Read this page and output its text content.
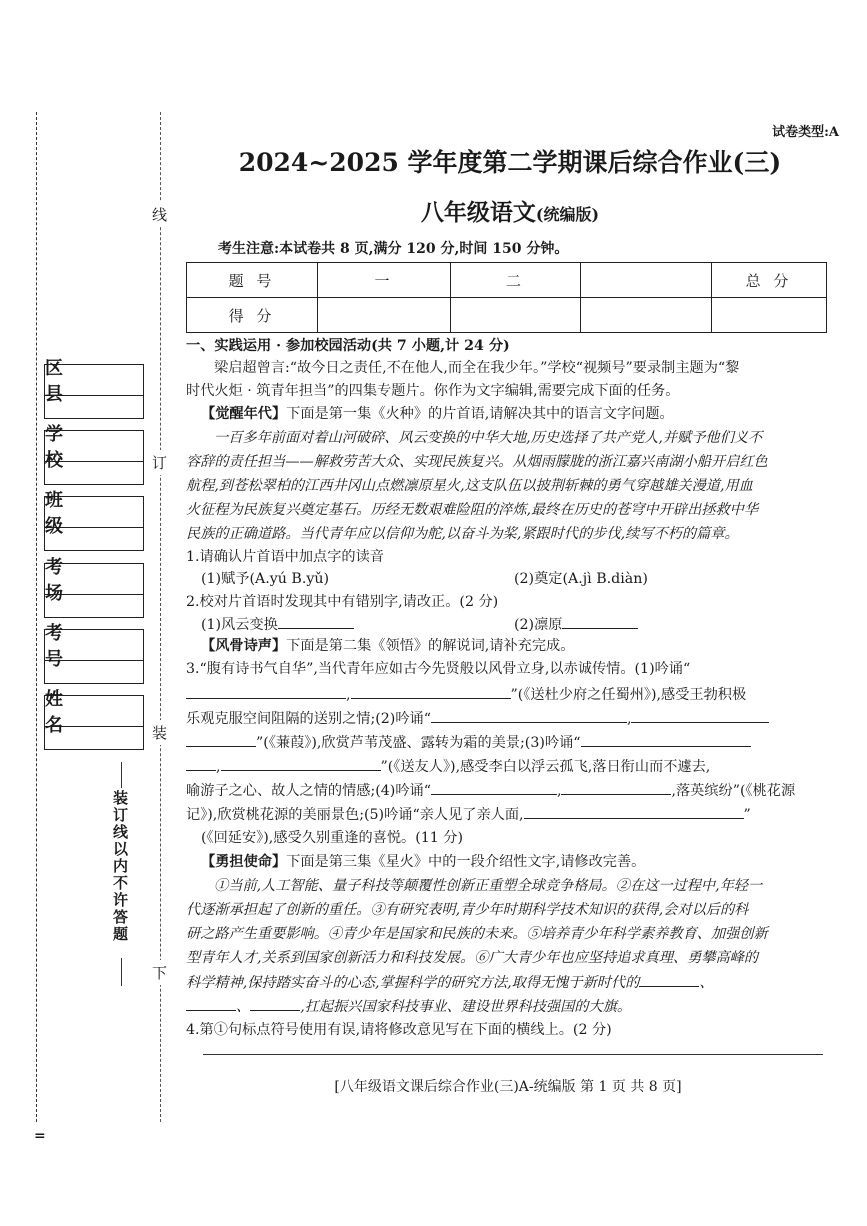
线
订
装
下
区 县
学 校
班 级
考 场
考 号
姓 名
装订线以内不许答题
=
试卷类型:A
2024~2025 学年度第二学期课后综合作业(三)
八年级语文(统编版)
考生注意:本试卷共 8 页,满分 120 分,时间 150 分钟。
题 号	一	二		总 分
得 分				
一、实践运用 · 参加校园活动(共 7 小题,计 24 分)
梁启超曾言:“故今日之责任,不在他人,而全在我少年。”学校“视频号”要录制主题为“黎
时代火炬 · 筑青年担当”的四集专题片。你作为文字编辑,需要完成下面的任务。
【觉醒年代】下面是第一集《火种》的片首语,请解决其中的语言文字问题。
一百多年前面对着山河破碎、风云变换的中华大地,历史选择了共产党人,并赋予他们义不
容辞的责任担当——解救劳苦大众、实现民族复兴。从烟雨朦胧的浙江嘉兴南湖小船开启红色
航程,到苍松翠柏的江西井冈山点燃凛原星火,这支队伍以披荆斩棘的勇气穿越雄关漫道,用血
火征程为民族复兴奠定基石。历经无数艰难险阻的淬炼,最终在历史的苍穹中开辟出拯救中华
民族的正确道路。当代青年应以信仰为舵,以奋斗为桨,紧跟时代的步伐,续写不朽的篇章。
1.请确认片首语中加点字的读音
(1)赋予(A.yú B.yǔ)	(2)奠定(A.jì B.diàn)
2.校对片首语时发现其中有错别字,请改正。(2 分)
(1)风云变换	(2)凛原
【风骨诗声】下面是第二集《领悟》的解说词,请补充完成。
3.“腹有诗书气自华”,当代青年应如古今先贤般以风骨立身,以赤诚传情。(1)吟诵“
,	”(《送杜少府之任蜀州》),感受王勃积极
乐观克服空间阻隔的送别之情;(2)吟诵“	,
”(《蒹葭》),欣赏芦苇茂盛、露转为霜的美景;(3)吟诵“
,	”(《送友人》),感受李白以浮云孤飞,落日衔山而不遽去,
喻游子之心、故人之情的情感;(4)吟诵“	,	,落英缤纷”(《桃花源
记》),欣赏桃花源的美丽景色;(5)吟诵“亲人见了亲人面,	”
(《回延安》),感受久别重逢的喜悦。(11 分)
【勇担使命】下面是第三集《星火》中的一段介绍性文字,请修改完善。
①当前,人工智能、量子科技等颠覆性创新正重塑全球竞争格局。②在这一过程中,年轻一
代逐渐承担起了创新的重任。③有研究表明,青少年时期科学技术知识的获得,会对以后的科
研之路产生重要影响。④青少年是国家和民族的未来。⑤培养青少年科学素养教育、加强创新
型青年人才,关系到国家创新活力和科技发展。⑥广大青少年也应坚持追求真理、勇攀高峰的
科学精神,保持踏实奋斗的心态,掌握科学的研究方法,取得无愧于新时代的	、
、	,扛起振兴国家科技事业、建设世界科技强国的大旗。
4.第①句标点符号使用有误,请将修改意见写在下面的横线上。(2 分)
[八年级语文课后综合作业(三)A-统编版 第 1 页 共 8 页]
